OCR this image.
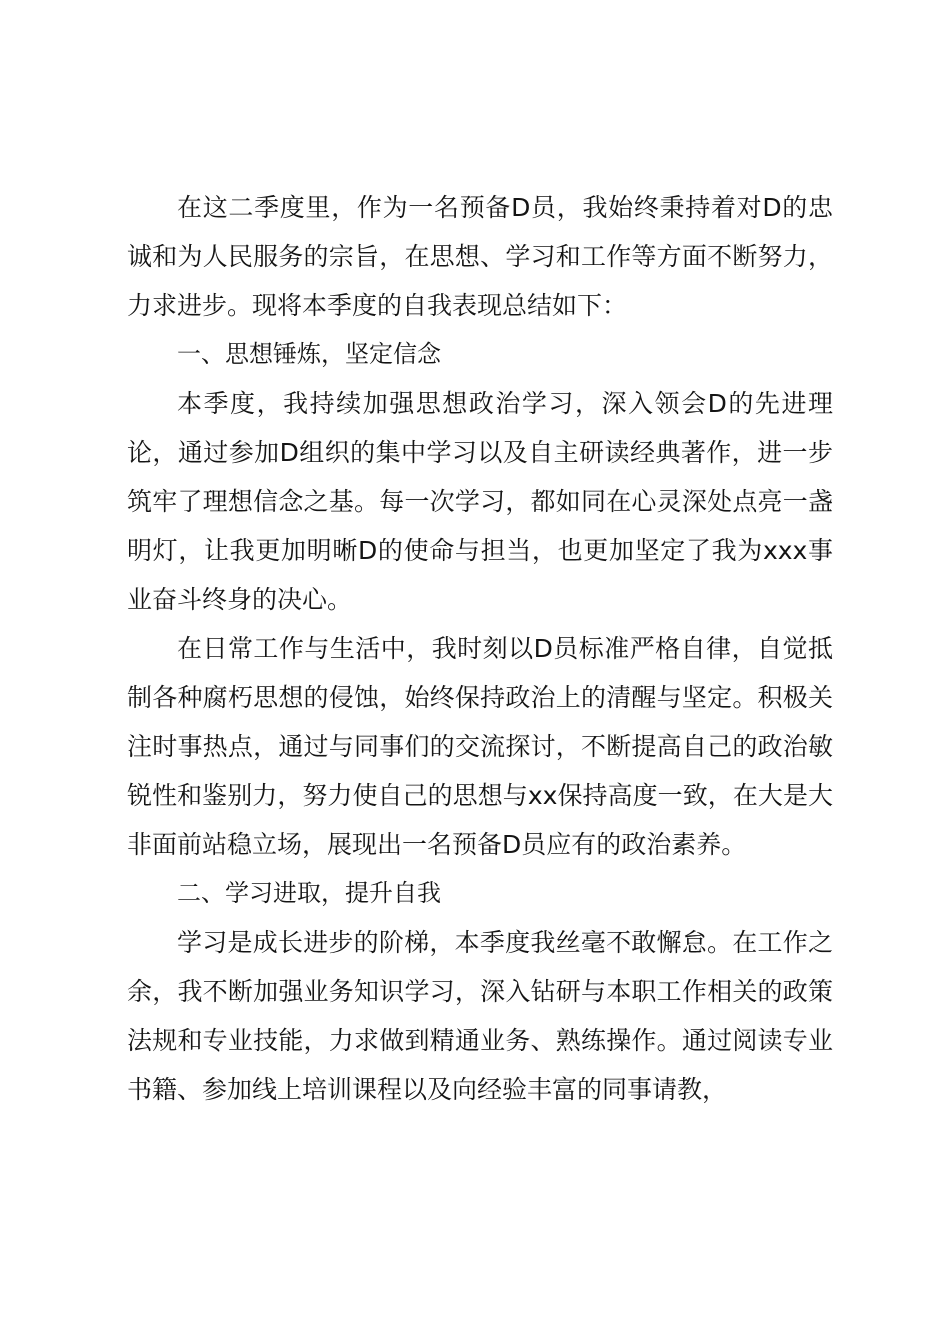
在这二季度里，作为一名预备D员，我始终秉持着对D的忠诚和为人民服务的宗旨，在思想、学习和工作等方面不断努力，力求进步。现将本季度的自我表现总结如下：

一、思想锤炼，坚定信念

本季度，我持续加强思想政治学习，深入领会D的先进理论，通过参加D组织的集中学习以及自主研读经典著作，进一步筑牢了理想信念之基。每一次学习，都如同在心灵深处点亮一盏明灯，让我更加明晰D的使命与担当，也更加坚定了我为xxx事业奋斗终身的决心。

在日常工作与生活中，我时刻以D员标准严格自律，自觉抵制各种腐朽思想的侵蚀，始终保持政治上的清醒与坚定。积极关注时事热点，通过与同事们的交流探讨，不断提高自己的政治敏锐性和鉴别力，努力使自己的思想与xx保持高度一致，在大是大非面前站稳立场，展现出一名预备D员应有的政治素养。

二、学习进取，提升自我

学习是成长进步的阶梯，本季度我丝毫不敢懈怠。在工作之余，我不断加强业务知识学习，深入钻研与本职工作相关的政策法规和专业技能，力求做到精通业务、熟练操作。通过阅读专业书籍、参加线上培训课程以及向经验丰富的同事请教，
